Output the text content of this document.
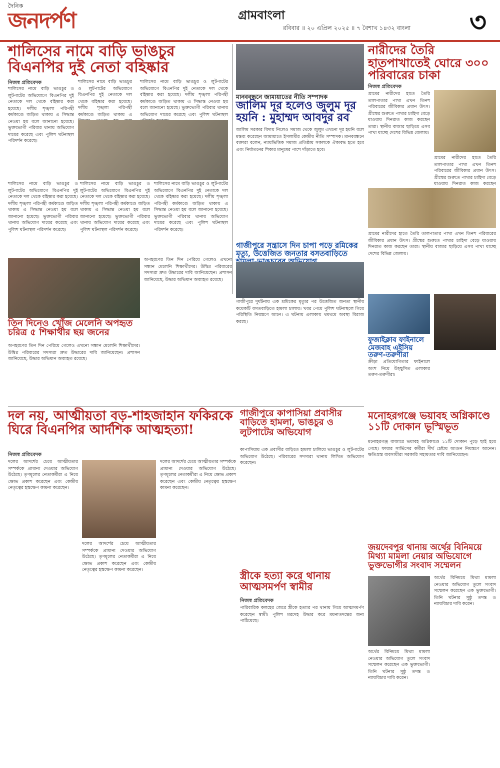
দৈনিক
জনদর্পণ	গ্রামবাংলা
রবিবার ॥ ২০ এপ্রিল ২০২৫ ॥ ৭ বৈশাখ ১৪৩২ বাংলা	৩
শালিসের নামে বাড়ি ভাঙচুর বিএনপির দুই নেতা বহিষ্কার
নিজস্ব প্রতিবেদক
শালিসের নামে বাড়ি ভাঙচুর ও লুটপাটের অভিযোগে বিএনপির দুই নেতাকে দল থেকে বহিষ্কার করা হয়েছে। দলীয় শৃঙ্খলা পরিপন্থী কর্মকাণ্ডে জড়িত থাকায় এ সিদ্ধান্ত নেওয়া হয় বলে জানানো হয়েছে। ভুক্তভোগী পরিবার থানায় অভিযোগ দায়ের করেছে এবং পুলিশ ঘটনাস্থল পরিদর্শন করেছে।
শালিসের নামে বাড়ি ভাঙচুর ও লুটপাটের অভিযোগে বিএনপির দুই নেতাকে দল থেকে বহিষ্কার করা হয়েছে। দলীয় শৃঙ্খলা পরিপন্থী কর্মকাণ্ডে জড়িত থাকায় এ
শালিসের নামে বাড়ি ভাঙচুর ও লুটপাটের অভিযোগে বিএনপির দুই নেতাকে দল থেকে বহিষ্কার করা হয়েছে। দলীয় শৃঙ্খলা পরিপন্থী কর্মকাণ্ডে জড়িত থাকায় এ সিদ্ধান্ত নেওয়া হয় বলে জানানো হয়েছে। ভুক্তভোগী পরিবার থানায় অভিযোগ দায়ের করেছে এবং পুলিশ ঘটনাস্থল
শালিসের নামে বাড়ি ভাঙচুর ও লুটপাটের অভিযোগে বিএনপির দুই নেতাকে দল থেকে বহিষ্কার করা হয়েছে। দলীয় শৃঙ্খলা পরিপন্থী কর্মকাণ্ডে জড়িত থাকায় এ সিদ্ধান্ত নেওয়া হয় বলে জানানো হয়েছে। ভুক্তভোগী পরিবার থানায় অভিযোগ দায়ের করেছে এবং পুলিশ ঘটনাস্থল পরিদর্শন করেছে।
শালিসের নামে বাড়ি ভাঙচুর ও লুটপাটের অভিযোগে বিএনপির দুই নেতাকে দল থেকে বহিষ্কার করা হয়েছে। দলীয় শৃঙ্খলা পরিপন্থী কর্মকাণ্ডে জড়িত থাকায় এ সিদ্ধান্ত নেওয়া হয় বলে জানানো হয়েছে। ভুক্তভোগী পরিবার থানায় অভিযোগ দায়ের করেছে এবং পুলিশ ঘটনাস্থল পরিদর্শন করেছে।
শালিসের নামে বাড়ি ভাঙচুর ও লুটপাটের অভিযোগে বিএনপির দুই নেতাকে দল থেকে বহিষ্কার করা হয়েছে। দলীয় শৃঙ্খলা পরিপন্থী কর্মকাণ্ডে জড়িত থাকায় এ সিদ্ধান্ত নেওয়া হয় বলে জানানো হয়েছে। ভুক্তভোগী পরিবার থানায় অভিযোগ দায়ের করেছে এবং পুলিশ ঘটনাস্থল পরিদর্শন করেছে।
মানববন্ধনে জামায়াতের নীতি সম্পাদক
জালিম দূর হলেও জুলুম দূর হয়নি : মুহাম্মদ আবদুর রব
জালিম সরকার বিদায় নিলেও সমাজ থেকে জুলুম এখনো দূর হয়নি বলে মন্তব্য করেছেন জামায়াতে ইসলামীর কেন্দ্রীয় নীতি সম্পাদক। মানববন্ধনে বক্তারা বলেন, ন্যায়ভিত্তিক সমাজ প্রতিষ্ঠায় সকলকে ঐক্যবদ্ধ হতে হবে এবং নির্যাতনের শিকার মানুষের পাশে দাঁড়াতে হবে।
নারীদের তৈরি হাতপাখাতেই ঘোরে ৩০০ পরিবারের চাকা
নিজস্ব প্রতিবেদক
গ্রামের নারীদের হাতে তৈরি তালপাতার পাখা এখন তিনশ পরিবারের জীবিকার প্রধান উৎস। গ্রীষ্মের শুরুতে পাখার চাহিদা বেড়ে যাওয়ায় দিনরাত কাজ করছেন তারা। স্থানীয় বাজার ছাড়িয়ে এসব পাখা যাচ্ছে দেশের বিভিন্ন জেলায়।
গ্রামের নারীদের হাতে তৈরি তালপাতার পাখা এখন তিনশ পরিবারের জীবিকার প্রধান উৎস। গ্রীষ্মের শুরুতে পাখার চাহিদা বেড়ে যাওয়ায় দিনরাত কাজ করছেন
গ্রামের নারীদের হাতে তৈরি তালপাতার পাখা এখন তিনশ পরিবারের জীবিকার প্রধান উৎস। গ্রীষ্মের শুরুতে পাখার চাহিদা বেড়ে যাওয়ায় দিনরাত কাজ করছেন তারা। স্থানীয় বাজার ছাড়িয়ে এসব পাখা যাচ্ছে দেশের বিভিন্ন জেলায়।
গাজীপুরে সন্ত্রাসে দিন চাপা পড়ে রমিকের মৃত্যু, উত্তেজিত জনতার বসতবাড়িতে
গাজীপুরে দুর্ঘটনায় এক শ্রমিকের মৃত্যুর পর উত্তেজিত জনতা স্থানীয় কয়েকটি বসতবাড়িতে হামলা চালায়। খবর পেয়ে পুলিশ ঘটনাস্থলে গিয়ে পরিস্থিতি নিয়ন্ত্রণে আনে। এ ঘটনায় এলাকায় থমথমে অবস্থা বিরাজ করছে।
অপহরণের তিন দিন পেরিয়ে গেলেও এখনো সন্ধান মেলেনি শিক্ষার্থীদের। উদ্বিগ্ন পরিবারের সদস্যরা দ্রুত উদ্ধারের দাবি জানিয়েছেন। প্রশাসন জানিয়েছে, উদ্ধার অভিযান অব্যাহত রয়েছে।
তিন দিনেও খোঁজ মেলেনি অপহৃত চরিত্র ৫ শিক্ষার্থীর ছয় জনের
অপহরণের তিন দিন পেরিয়ে গেলেও এখনো সন্ধান মেলেনি শিক্ষার্থীদের। উদ্বিগ্ন পরিবারের সদস্যরা দ্রুত উদ্ধারের দাবি জানিয়েছেন। প্রশাসন জানিয়েছে, উদ্ধার অভিযান অব্যাহত রয়েছে।
ফুজাইক্লাব ফাইনালে মেজবাহ এইসিয় তরুণ-তরুণীরা
ক্রীড়া প্রতিযোগিতার ফাইনালে অংশ নিয়ে উচ্ছ্বসিত এলাকার তরুণ-তরুণীরা।
মনোহরগঞ্জে ভয়াবহ অগ্নিকাণ্ডে ১১টি দোকান ভূস্মিভূত
মনোহরগঞ্জ বাজারে ভয়াবহ অগ্নিকাণ্ডে ১১টি দোকান পুড়ে ছাই হয়ে গেছে। ফায়ার সার্ভিসের কর্মীরা দীর্ঘ চেষ্টায় আগুন নিয়ন্ত্রণে আনেন। ক্ষতিগ্রস্ত ব্যবসায়ীরা সরকারি সহায়তার দাবি জানিয়েছেন।
দল নয়, আত্মীয়তা বড়-শাহজাহান ফকিরকে ঘিরে বিএনপির আর্দশিক আত্মহত্যা!
নিজস্ব প্রতিবেদক
দলের আদর্শের চেয়ে আত্মীয়তার সম্পর্ককে প্রাধান্য দেওয়ার অভিযোগ উঠেছে। তৃণমূলের নেতাকর্মীরা এ নিয়ে ক্ষোভ প্রকাশ করেছেন এবং কেন্দ্রীয় নেতৃত্বের হস্তক্ষেপ কামনা করেছেন।
দলের আদর্শের চেয়ে আত্মীয়তার সম্পর্ককে প্রাধান্য দেওয়ার অভিযোগ উঠেছে। তৃণমূলের নেতাকর্মীরা এ নিয়ে ক্ষোভ প্রকাশ করেছেন এবং কেন্দ্রীয় নেতৃত্বের হস্তক্ষেপ কামনা করেছেন।
দলের আদর্শের চেয়ে আত্মীয়তার সম্পর্ককে প্রাধান্য দেওয়ার অভিযোগ উঠেছে। তৃণমূলের নেতাকর্মীরা এ নিয়ে ক্ষোভ প্রকাশ করেছেন এবং কেন্দ্রীয় নেতৃত্বের হস্তক্ষেপ কামনা করেছেন।
গাজীপুরে কাপাসিয়া প্রবাসীর বাড়িতে হামলা, ভাঙচুর ও লুটপাটের অভিযোগ
কাপাসিয়ায় এক প্রবাসীর বাড়িতে হামলা চালিয়ে ভাঙচুর ও লুটপাটের অভিযোগ উঠেছে। পরিবারের সদস্যরা থানায় লিখিত অভিযোগ করেছেন।
জয়দেবপুর থানায় অর্থের বিনিময়ে মিথ্যা মামলা নেয়ার অভিযোগে ভুক্তভোগীর সংবাদ সম্মেলন
অর্থের বিনিময়ে মিথ্যা মামলা নেওয়ার অভিযোগ তুলে সংবাদ সম্মেলন করেছেন এক ভুক্তভোগী। তিনি ঘটনার সুষ্ঠু তদন্ত ও ন্যায়বিচার দাবি করেন।
অর্থের বিনিময়ে মিথ্যা মামলা নেওয়ার অভিযোগ তুলে সংবাদ সম্মেলন করেছেন এক ভুক্তভোগী। তিনি ঘটনার সুষ্ঠু তদন্ত ও ন্যায়বিচার দাবি করেন।
স্ত্রীকে হত্যা করে থানায় আত্মসমর্পণ স্বামীর
নিজস্ব প্রতিবেদক
পারিবারিক কলহের জেরে স্ত্রীকে হত্যার পর থানায় গিয়ে আত্মসমর্পণ করেছেন স্বামী। পুলিশ মরদেহ উদ্ধার করে ময়নাতদন্তের জন্য পাঠিয়েছে।
